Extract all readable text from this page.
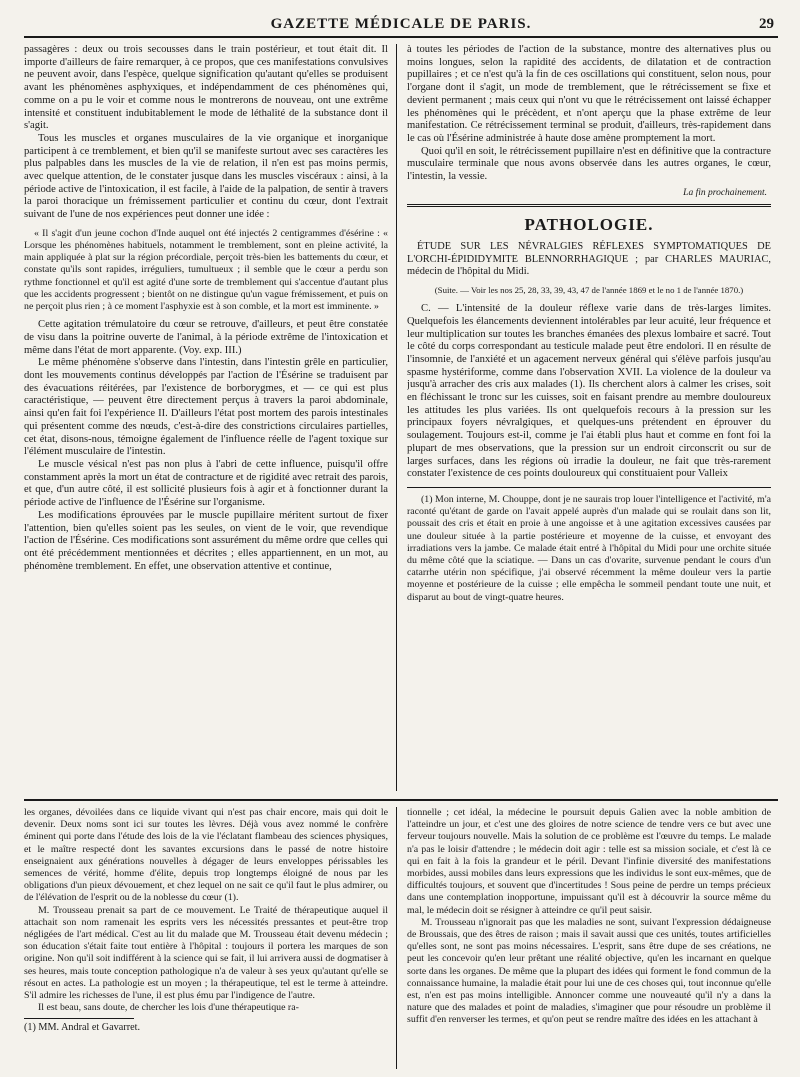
GAZETTE MÉDICALE DE PARIS.	29

passagères : deux ou trois secousses dans le train postérieur, et tout était dit. Il importe d'ailleurs de faire remarquer, à ce propos, que ces manifestations convulsives ne peuvent avoir, dans l'espèce, quelque signification qu'autant qu'elles se produisent avant les phénomènes asphyxiques, et indépendamment de ces phénomènes qui, comme on a pu le voir et comme nous le montrerons de nouveau, ont une extrême intensité et constituent indubitablement le mode de léthalité de la substance dont il s'agit.

Tous les muscles et organes musculaires de la vie organique et inorganique participent à ce tremblement, et bien qu'il se manifeste surtout avec ses caractères les plus palpables dans les muscles de la vie de relation, il n'en est pas moins permis, avec quelque attention, de le constater jusque dans les muscles viscéraux : ainsi, à la période active de l'intoxication, il est facile, à l'aide de la palpation, de sentir à travers la paroi thoracique un frémissement particulier et continu du cœur, dont l'extrait suivant de l'une de nos expériences peut donner une idée :

« Il s'agit d'un jeune cochon d'Inde auquel ont été injectés 2 centigrammes d'ésérine : « Lorsque les phénomènes habituels, notamment le tremblement, sont en pleine activité, la main appliquée à plat sur la région précordiale, perçoit très-bien les battements du cœur, et constate qu'ils sont rapides, irréguliers, tumultueux ; il semble que le cœur a perdu son rythme fonctionnel et qu'il est agité d'une sorte de tremblement qui s'accentue d'autant plus que les accidents progressent ; bientôt on ne distingue qu'un vague frémissement, et puis on ne perçoit plus rien ; à ce moment l'asphyxie est à son comble, et la mort est imminente. »

Cette agitation trémulatoire du cœur se retrouve, d'ailleurs, et peut être constatée de visu dans la poitrine ouverte de l'animal, à la période extrême de l'intoxication et même dans l'état de mort apparente. (Voy. exp. III.)

Le même phénomène s'observe dans l'intestin, dans l'intestin grêle en particulier, dont les mouvements continus développés par l'action de l'Ésérine se traduisent par des évacuations réitérées, par l'existence de borborygmes, et — ce qui est plus caractéristique, — peuvent être directement perçus à travers la paroi abdominale, ainsi qu'en fait foi l'expérience II. D'ailleurs l'état post mortem des parois intestinales qui présentent comme des nœuds, c'est-à-dire des constrictions circulaires partielles, cet état, disons-nous, témoigne également de l'influence réelle de l'agent toxique sur l'élément musculaire de l'intestin.

Le muscle vésical n'est pas non plus à l'abri de cette influence, puisqu'il offre constamment après la mort un état de contracture et de rigidité avec retrait des parois, et que, d'un autre côté, il est sollicité plusieurs fois à agir et à fonctionner durant la période active de l'influence de l'Ésérine sur l'organisme.

Les modifications éprouvées par le muscle pupillaire méritent surtout de fixer l'attention, bien qu'elles soient pas les seules, on vient de le voir, que revendique l'action de l'Ésérine. Ces modifications sont assurément du même ordre que celles qui ont été précédemment mentionnées et décrites ; elles appartiennent, en un mot, au phénomène tremblement. En effet, une observation attentive et continue,

à toutes les périodes de l'action de la substance, montre des alternatives plus ou moins longues, selon la rapidité des accidents, de dilatation et de contraction pupillaires ; et ce n'est qu'à la fin de ces oscillations qui constituent, selon nous, pour l'organe dont il s'agit, un mode de tremblement, que le rétrécissement se fixe et devient permanent ; mais ceux qui n'ont vu que le rétrécissement ont laissé échapper les phénomènes qui le précèdent, et n'ont aperçu que la phase extrême de leur manifestation. Ce rétrécissement terminal se produit, d'ailleurs, très-rapidement dans le cas où l'Ésérine administrée à haute dose amène promptement la mort.

Quoi qu'il en soit, le rétrécissement pupillaire n'est en définitive que la contracture musculaire terminale que nous avons observée dans les autres organes, le cœur, l'intestin, la vessie.

La fin prochainement.
PATHOLOGIE.

ÉTUDE SUR LES NÉVRALGIES RÉFLEXES SYMPTOMATIQUES DE L'ORCHI-ÉPIDIDYMITE BLENNORRHAGIQUE ; par CHARLES MAURIAC, médecin de l'hôpital du Midi.

(Suite. — Voir les nos 25, 28, 33, 39, 43, 47 de l'année 1869 et le no 1 de l'année 1870.)

C. — L'intensité de la douleur réflexe varie dans de très-larges limites. Quelquefois les élancements deviennent intolérables par leur acuité, leur fréquence et leur multiplication sur toutes les branches émanées des plexus lombaire et sacré. Tout le côté du corps correspondant au testicule malade peut être endolori. Il en résulte de l'insomnie, de l'anxiété et un agacement nerveux général qui s'élève parfois jusqu'au spasme hystériforme, comme dans l'observation XVII. La violence de la douleur va jusqu'à arracher des cris aux malades (1). Ils cherchent alors à calmer les crises, soit en fléchissant le tronc sur les cuisses, soit en faisant prendre au membre douloureux les attitudes les plus variées. Ils ont quelquefois recours à la pression sur les principaux foyers névralgiques, et quelques-uns prétendent en éprouver du soulagement. Toujours est-il, comme je l'ai établi plus haut et comme en font foi la plupart de mes observations, que la pression sur un endroit circonscrit ou sur de larges surfaces, dans les régions où irradie la douleur, ne fait que très-rarement constater l'existence de ces points douloureux qui constituaient pour Valleix

(1) Mon interne, M. Chouppe, dont je ne saurais trop louer l'intelligence et l'activité, m'a raconté qu'étant de garde on l'avait appelé auprès d'un malade qui se roulait dans son lit, poussait des cris et était en proie à une angoisse et à une agitation excessives causées par une douleur située à la partie postérieure et moyenne de la cuisse, et envoyant des irradiations vers la jambe. Ce malade était entré à l'hôpital du Midi pour une orchite située du même côté que la sciatique. — Dans un cas d'ovarite, survenue pendant le cours d'un catarrhe utérin non spécifique, j'ai observé récemment la même douleur vers la partie moyenne et postérieure de la cuisse ; elle empêcha le sommeil pendant toute une nuit, et disparut au bout de vingt-quatre heures.

les organes, dévoilées dans ce liquide vivant qui n'est pas chair encore, mais qui doit le devenir. Deux noms sont ici sur toutes les lèvres. Déjà vous avez nommé le confrère éminent qui porte dans l'étude des lois de la vie l'éclatant flambeau des sciences physiques, et le maître respecté dont les savantes excursions dans le passé de notre histoire enseignaient aux générations nouvelles à dégager de leurs enveloppes périssables les semences de vérité, homme d'élite, depuis trop longtemps éloigné de nous par les obligations d'un pieux dévouement, et chez lequel on ne sait ce qu'il faut le plus admirer, ou de l'élévation de l'esprit ou de la noblesse du cœur (1).

M. Trousseau prenait sa part de ce mouvement. Le Traité de thérapeutique auquel il attachait son nom ramenait les esprits vers les nécessités pressantes et peut-être trop négligées de l'art médical. C'est au lit du malade que M. Trousseau était devenu médecin ; son éducation s'était faite tout entière à l'hôpital : toujours il portera les marques de son origine. Non qu'il soit indifférent à la science qui se fait, il lui arrivera aussi de dogmatiser à ses heures, mais toute conception pathologique n'a de valeur à ses yeux qu'autant qu'elle se résout en actes. La pathologie est un moyen ; la thérapeutique, tel est le terme à atteindre. S'il admire les richesses de l'une, il est plus ému par l'indigence de l'autre.

Il est beau, sans doute, de chercher les lois d'une thérapeutique ra-

(1) MM. Andral et Gavarret.

tionnelle ; cet idéal, la médecine le poursuit depuis Galien avec la noble ambition de l'atteindre un jour, et c'est une des gloires de notre science de tendre vers ce but avec une ferveur toujours nouvelle. Mais la solution de ce problème est l'œuvre du temps. Le malade n'a pas le loisir d'attendre ; le médecin doit agir : telle est sa mission sociale, et c'est là ce qui en fait à la fois la grandeur et le péril. Devant l'infinie diversité des manifestations morbides, aussi mobiles dans leurs expressions que les individus le sont eux-mêmes, que de difficultés toujours, et souvent que d'incertitudes ! Sous peine de perdre un temps précieux dans une contemplation inopportune, impuissant qu'il est à découvrir la source même du mal, le médecin doit se résigner à atteindre ce qu'il peut saisir.

M. Trousseau n'ignorait pas que les maladies ne sont, suivant l'expression dédaigneuse de Broussais, que des êtres de raison ; mais il savait aussi que ces unités, toutes artificielles qu'elles sont, ne sont pas moins nécessaires. L'esprit, sans être dupe de ses créations, ne peut les concevoir qu'en leur prêtant une réalité objective, qu'en les incarnant en quelque sorte dans les organes. De même que la plupart des idées qui forment le fond commun de la connaissance humaine, la maladie était pour lui une de ces choses qui, tout inconnue qu'elle est, n'en est pas moins intelligible. Annoncer comme une nouveauté qu'il n'y a dans la nature que des malades et point de maladies, s'imaginer que pour résoudre un problème il suffit d'en renverser les termes, et qu'on peut se rendre maître des idées en les attachant à
